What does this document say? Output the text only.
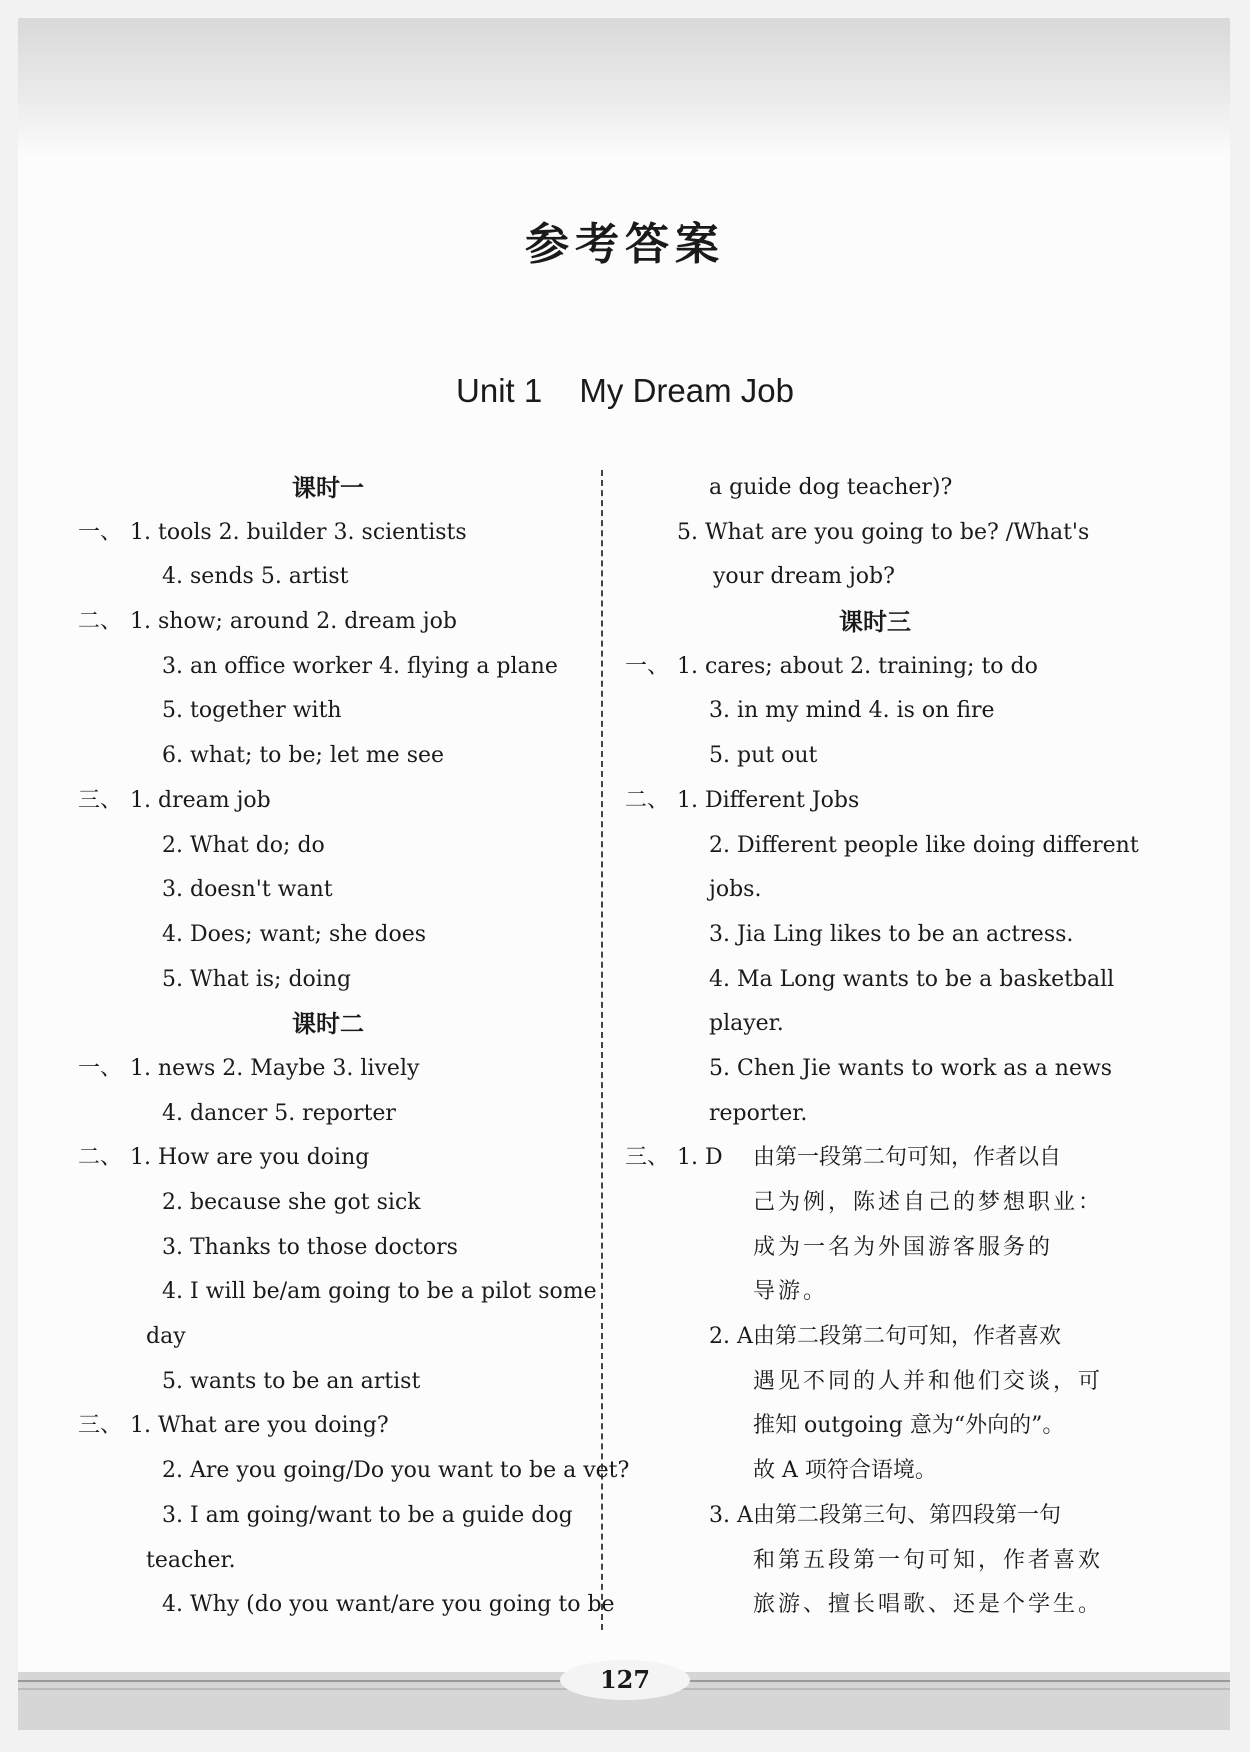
参考答案
Unit 1 My Dream Job
课时一
一、 1. tools 2. builder 3. scientists
4. sends 5. artist
二、 1. show; around 2. dream job
3. an office worker 4. flying a plane
5. together with
6. what; to be; let me see
三、 1. dream job
2. What do; do
3. doesn't want
4. Does; want; she does
5. What is; doing
课时二
一、 1. news 2. Maybe 3. lively
4. dancer 5. reporter
二、 1. How are you doing
2. because she got sick
3. Thanks to those doctors
4. I will be/am going to be a pilot some
day
5. wants to be an artist
三、 1. What are you doing?
2. Are you going/Do you want to be a vet?
3. I am going/want to be a guide dog
teacher.
4. Why (do you want/are you going to be
a guide dog teacher)?
5. What are you going to be? /What's
your dream job?
课时三
一、 1. cares; about 2. training; to do
3. in my mind 4. is on fire
5. put out
二、 1. Different Jobs
2. Different people like doing different
jobs.
3. Jia Ling likes to be an actress.
4. Ma Long wants to be a basketball
player.
5. Chen Jie wants to work as a news
reporter.
三、 1. D 由第一段第二句可知，作者以自
己为例，陈述自己的梦想职业：
成为一名为外国游客服务的
导游。
2. A 由第二段第二句可知，作者喜欢
遇见不同的人并和他们交谈，可
推知 outgoing 意为“外向的”。
故 A 项符合语境。
3. A 由第二段第三句、第四段第一句
和第五段第一句可知，作者喜欢
旅游、擅长唱歌、还是个学生。
127
